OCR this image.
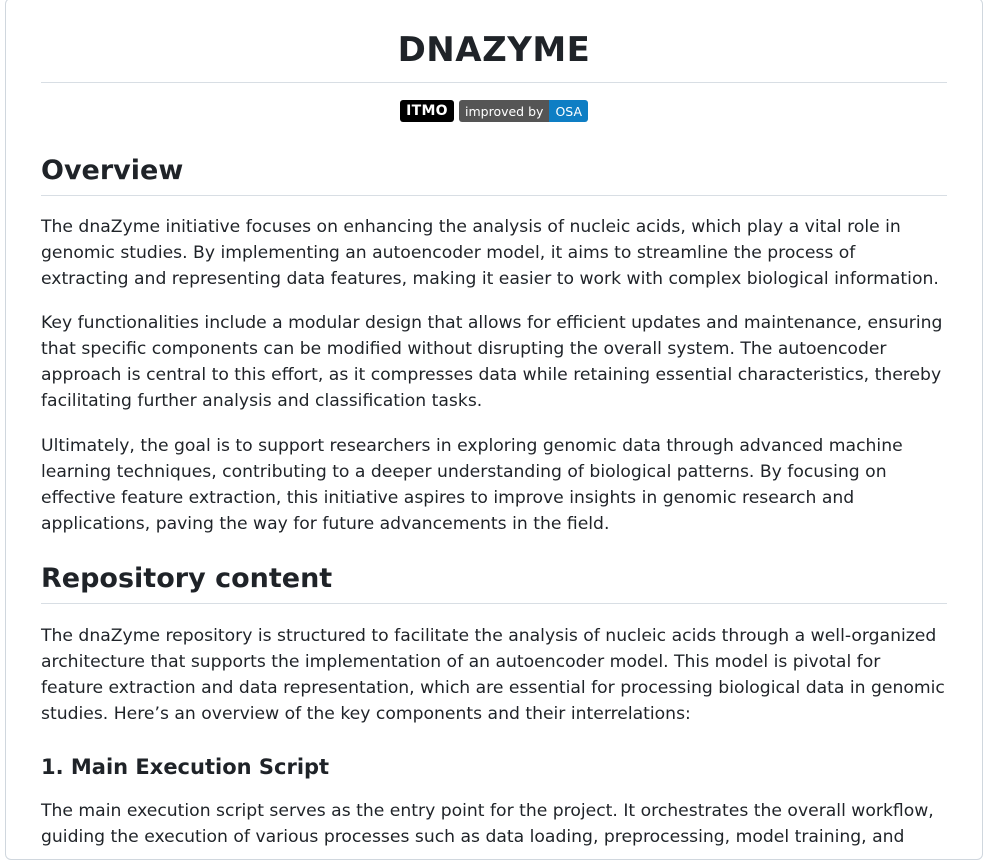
DNAZYME
ITMO	improved by OSA
Overview

The dnaZyme initiative focuses on enhancing the analysis of nucleic acids, which play a vital role in genomic studies. By implementing an autoencoder model, it aims to streamline the process of extracting and representing data features, making it easier to work with complex biological information.

Key functionalities include a modular design that allows for efficient updates and maintenance, ensuring that specific components can be modified without disrupting the overall system. The autoencoder approach is central to this effort, as it compresses data while retaining essential characteristics, thereby facilitating further analysis and classification tasks.

Ultimately, the goal is to support researchers in exploring genomic data through advanced machine learning techniques, contributing to a deeper understanding of biological patterns. By focusing on effective feature extraction, this initiative aspires to improve insights in genomic research and applications, paving the way for future advancements in the field.

Repository content

The dnaZyme repository is structured to facilitate the analysis of nucleic acids through a well-organized architecture that supports the implementation of an autoencoder model. This model is pivotal for feature extraction and data representation, which are essential for processing biological data in genomic studies. Here’s an overview of the key components and their interrelations:

1. Main Execution Script

The main execution script serves as the entry point for the project. It orchestrates the overall workflow, guiding the execution of various processes such as data loading, preprocessing, model training, and
